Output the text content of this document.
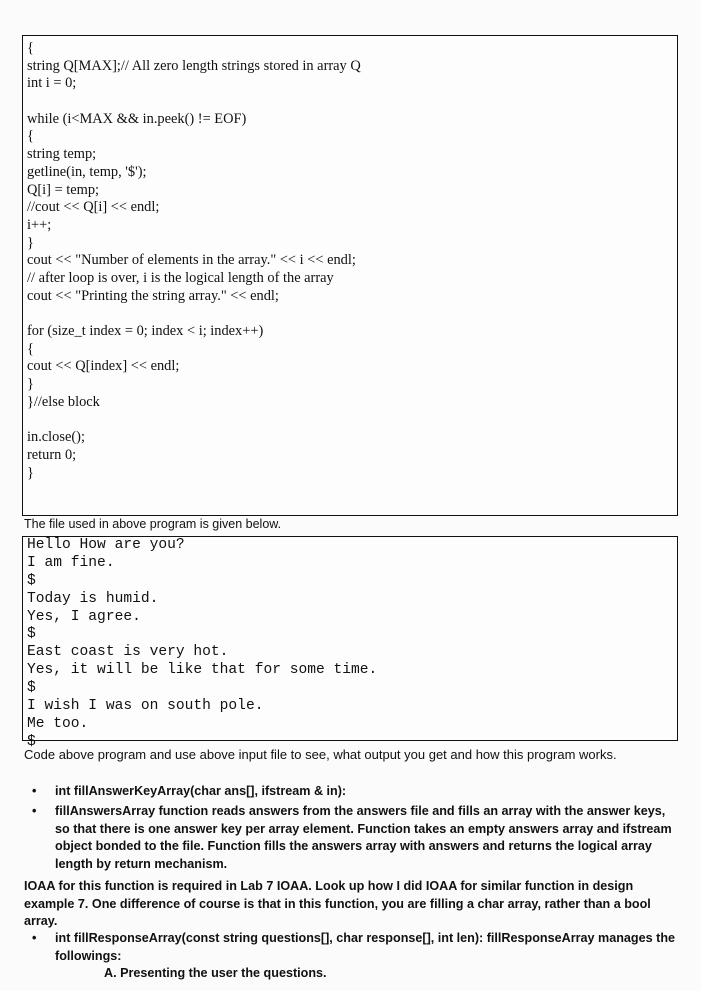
{
string Q[MAX];// All zero length strings stored in array Q
int i = 0;
while (i<MAX && in.peek() != EOF)
{
string temp;
getline(in, temp, '$');
Q[i] = temp;
//cout << Q[i] << endl;
i++;
}
cout << "Number of elements in the array." << i << endl;
// after loop is over, i is the logical length of the array
cout << "Printing the string array." << endl;
for (size_t index = 0; index < i; index++)
{
cout << Q[index] << endl;
}
}//else block
in.close();
return 0;
}
The file used in above program is given below.
Hello How are you?
I am fine.
$
Today is humid.
Yes, I agree.
$
East coast is very hot.
Yes, it will be like that for some time.
$
I wish I was on south pole.
Me too.
$
Code above program and use above input file to see, what output you get and how this program works.
• int fillAnswerKeyArray(char ans[], ifstream & in):
• fillAnswersArray function reads answers from the answers file and fills an array with the answer keys, so that there is one answer key per array element. Function takes an empty answers array and ifstream object bonded to the file. Function fills the answers array with answers and returns the logical array length by return mechanism.
IOAA for this function is required in Lab 7 IOAA. Look up how I did IOAA for similar function in design example 7. One difference of course is that in this function, you are filling a char array, rather than a bool array.
• int fillResponseArray(const string questions[], char response[], int len): fillResponseArray manages the followings:
A. Presenting the user the questions.
